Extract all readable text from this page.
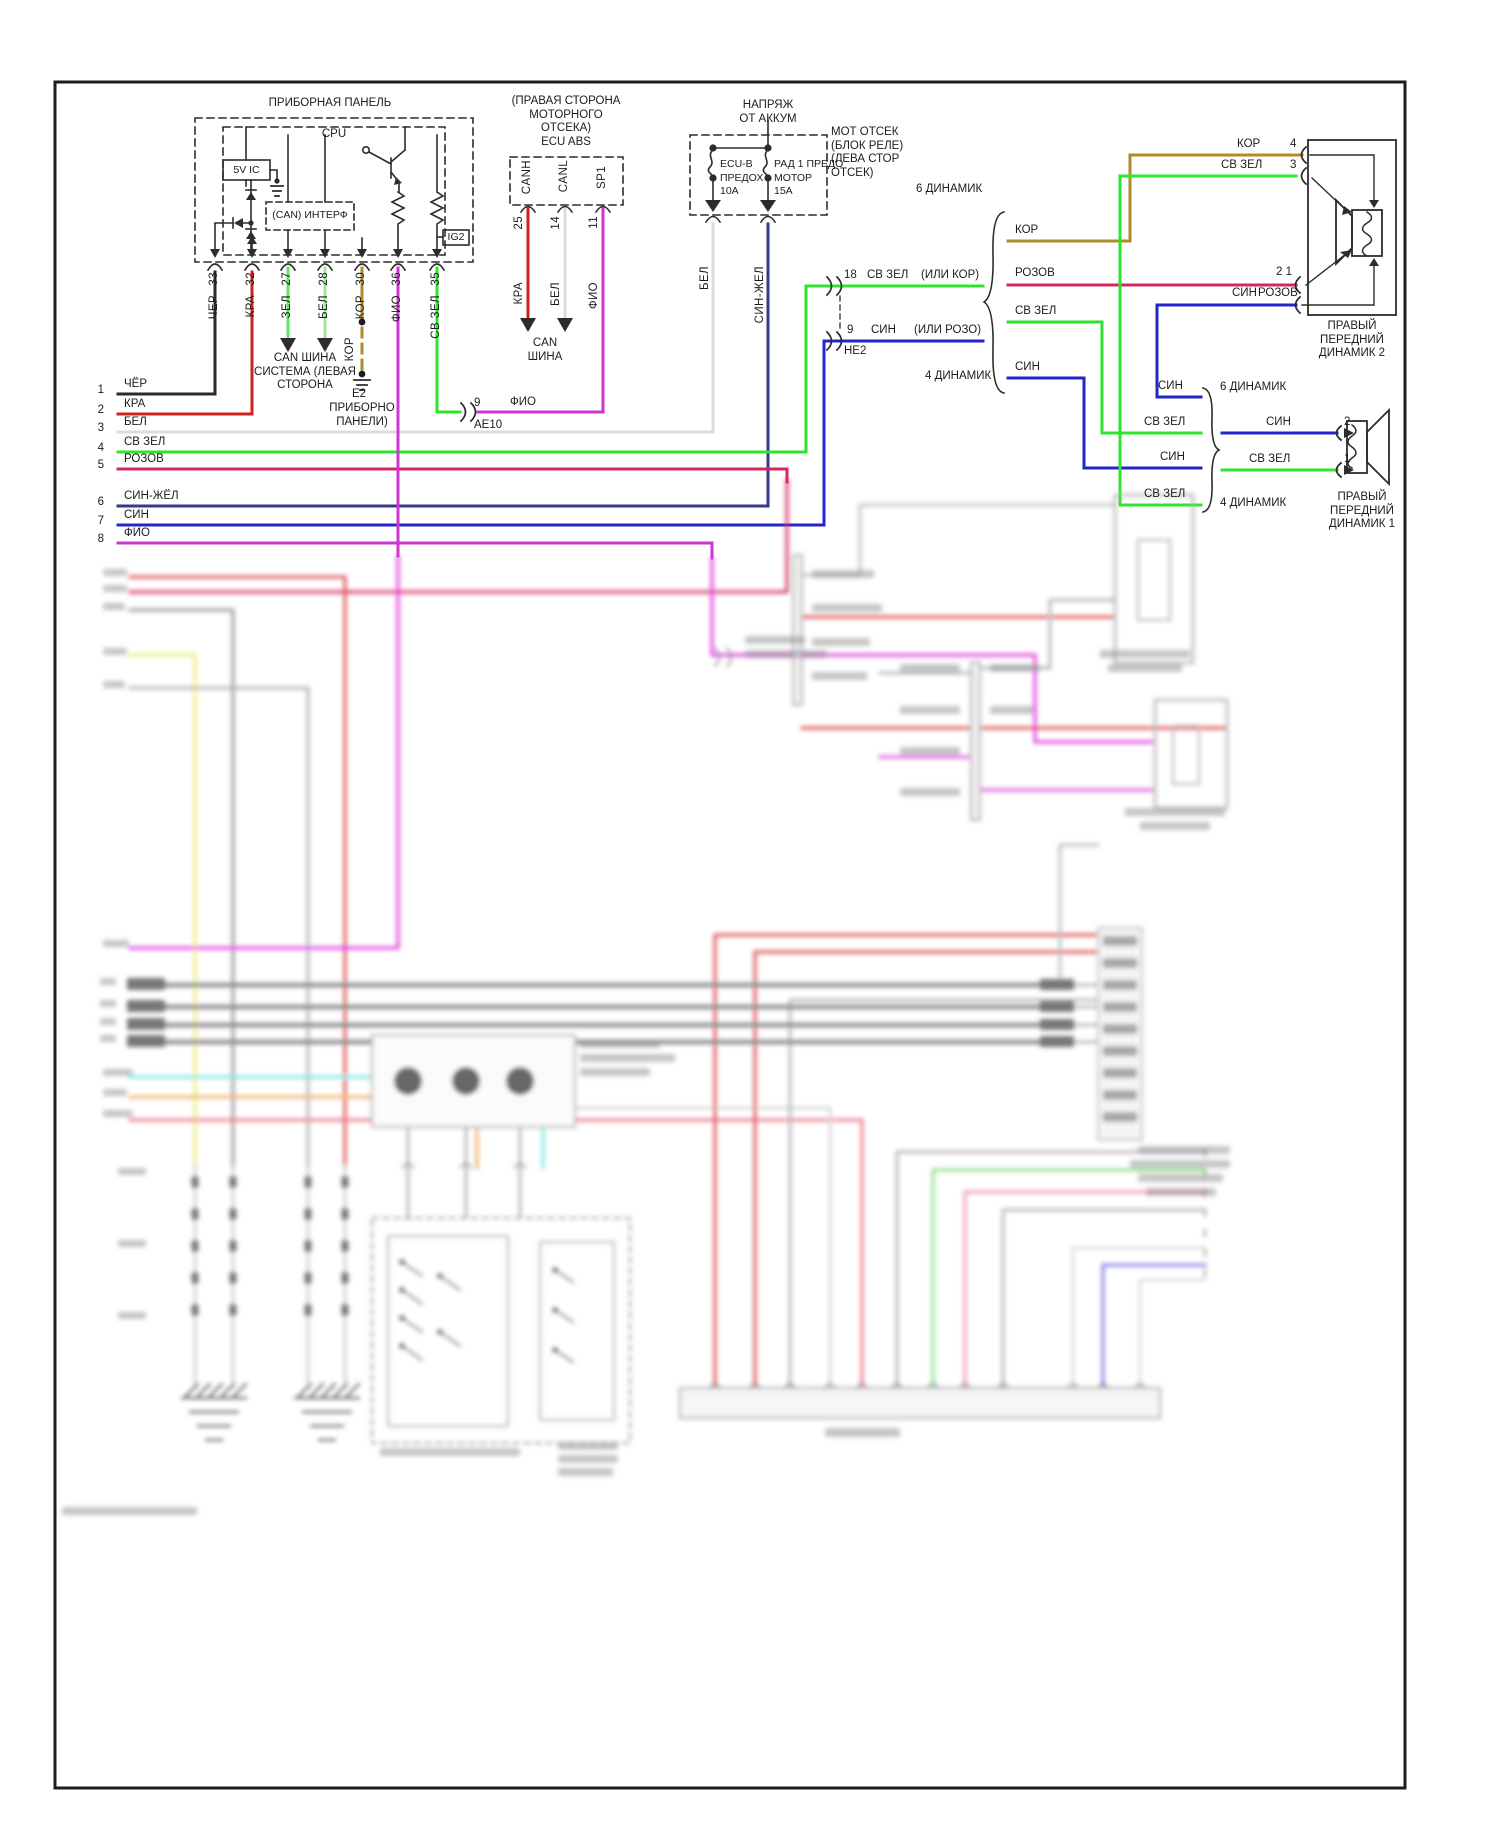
ПРИБОРНАЯ ПАНЕЛЬ
CPU
5V IC
(CAN) ИНТЕРФ
IG2
33
ЧЁР
32
КРА
27
ЗЕЛ
28
БЕЛ
30
КОР
36
ФИО
35
СВ ЗЕЛ
КОР
E2
ПРИБОРНО
ПАНЕЛИ)
CAN ШИНА
СИСТЕМА (ЛЕВАЯ
СТОРОНА
(ПРАВАЯ СТОРОНА
МОТОРНОГО
ОТСЕКА)
ECU ABS
CANH CANL SP1
25 14 11
КРА БЕЛ ФИО
CAN
ШИНА
НАПРЯЖ
ОТ АККУМ
ECU-B
ПРЕДОХ
10А
РАД 1 ПРЕДО
МОТОР
15А
МОТ ОТСЕК
(БЛОК РЕЛЕ)
(ЛЕВА СТОР
ОТСЕК)
БЕЛ	СИН-ЖЁЛ
1 ЧЁР
2 КРА
3 БЕЛ
4 СВ ЗЕЛ
5 РОЗОВ
6 СИН-ЖЁЛ
7 СИН
8 ФИО
9	ФИО
АЕ10
18 СВ ЗЕЛ (ИЛИ КОР)
9 СИН (ИЛИ РОЗО)
НЕ2
6 ДИНАМИК
4 ДИНАМИК
КОР
РОЗОВ
СВ ЗЕЛ
СИН
КОР	4
СВ ЗЕЛ 3
2 1
СИН РОЗОВ
ПРАВЫЙ
ПЕРЕДНИЙ
ДИНАМИК 2
СИН
СВ ЗЕЛ
СИН
СВ ЗЕЛ
6 ДИНАМИК
4 ДИНАМИК
СИН	2
СВ ЗЕЛ	1
ПРАВЫЙ
ПЕРЕДНИЙ
ДИНАМИК 1
